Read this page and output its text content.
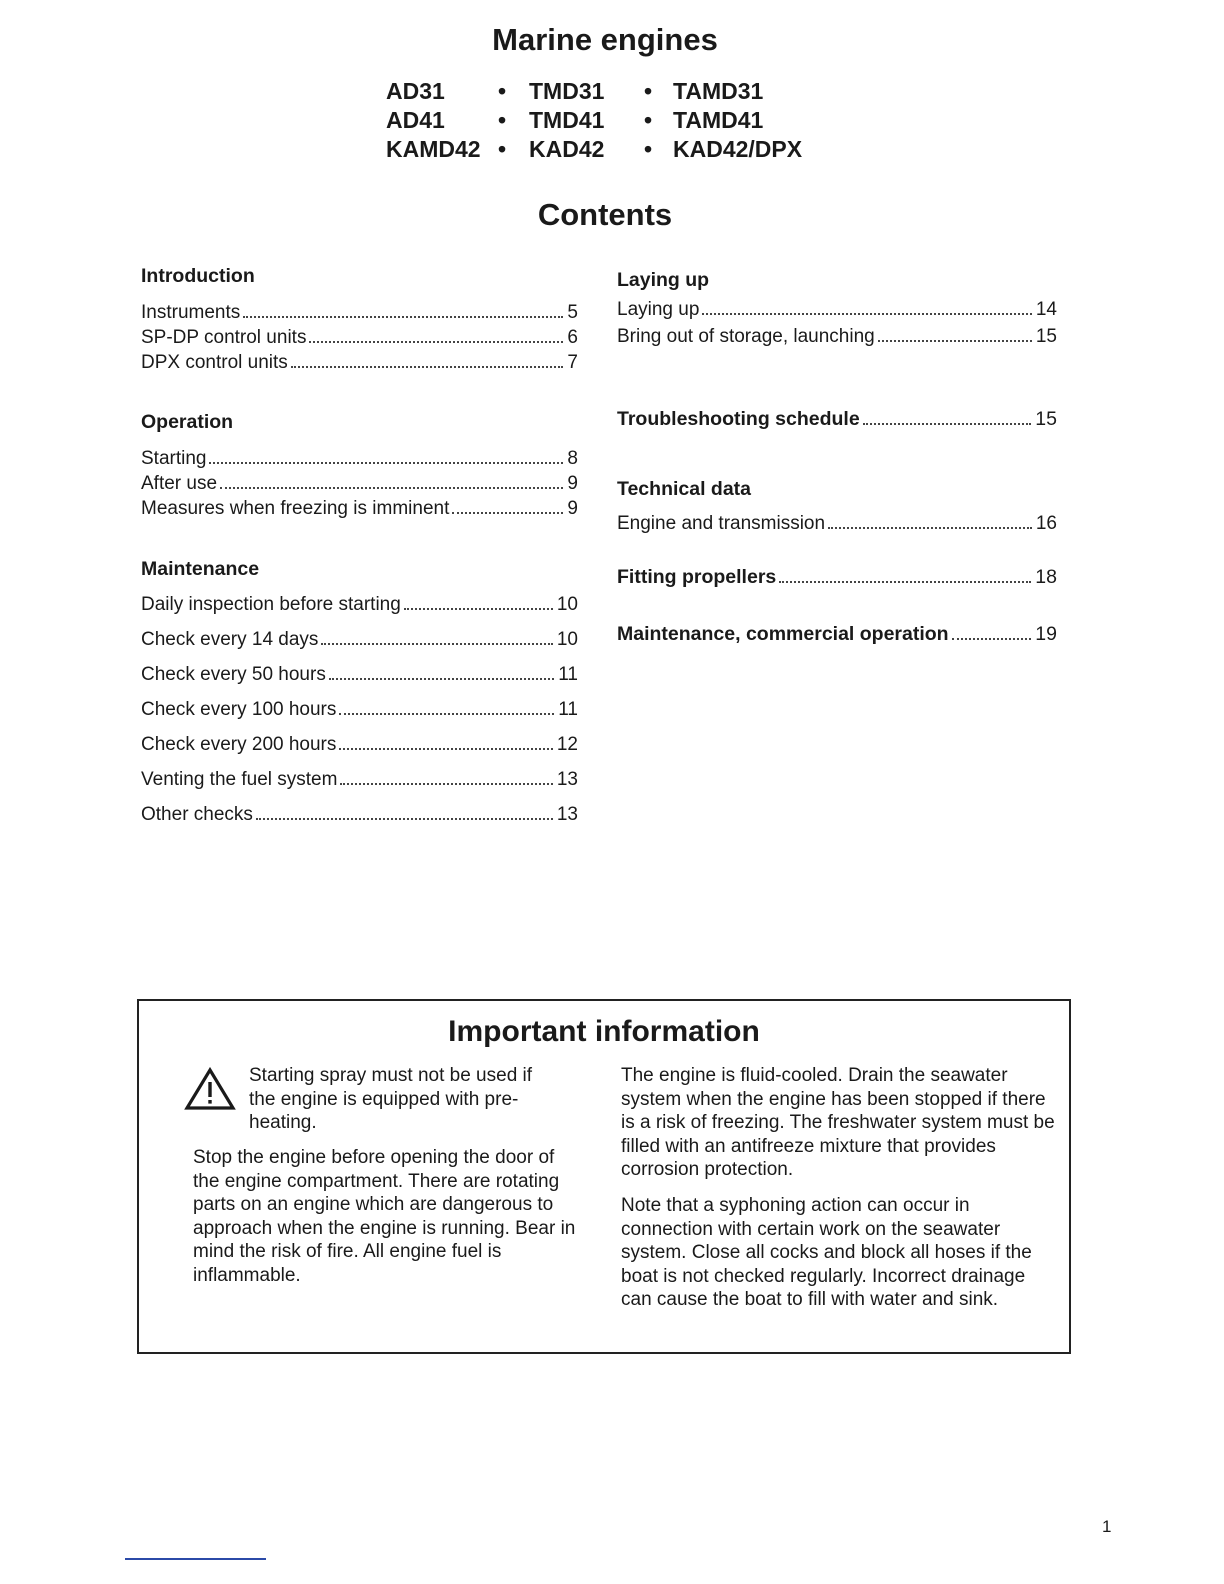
Marine engines
AD31 • TMD31 • TAMD31
AD41 • TMD41 • TAMD41
KAMD42 • KAD42 • KAD42/DPX
Contents
Introduction
Instruments	5
SP-DP control units	6
DPX control units	7
Operation
Starting	8
After use	9
Measures when freezing is imminent	9
Maintenance
Daily inspection before starting	10
Check every 14 days	10
Check every 50 hours	11
Check every 100 hours	11
Check every 200 hours	12
Venting the fuel system	13
Other checks	13
Laying up
Laying up	14
Bring out of storage, launching	15
Troubleshooting schedule	15
Technical data
Engine and transmission	16
Fitting propellers	18
Maintenance, commercial operation	19
Important information

Starting spray must not be used if the engine is equipped with pre-heating.

Stop the engine before opening the door of the engine compartment. There are rotating parts on an engine which are dangerous to approach when the engine is running. Bear in mind the risk of fire. All engine fuel is inflammable.

The engine is fluid-cooled. Drain the seawater system when the engine has been stopped if there is a risk of freezing. The freshwater system must be filled with an antifreeze mixture that provides corrosion protection.

Note that a syphoning action can occur in connection with certain work on the seawater system. Close all cocks and block all hoses if the boat is not checked regularly. Incorrect drainage can cause the boat to fill with water and sink.

1
